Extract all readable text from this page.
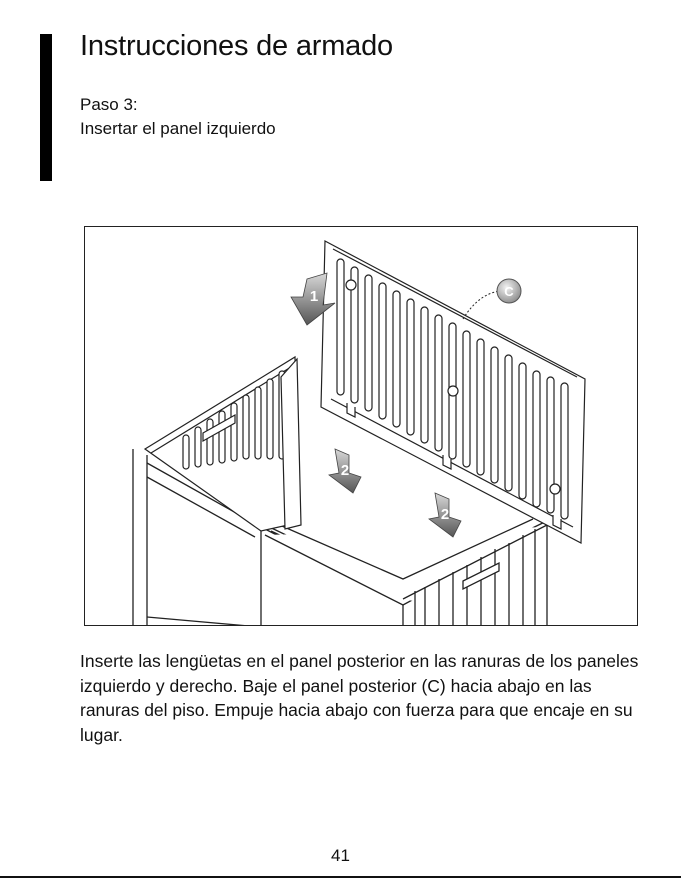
Instrucciones de armado
Paso 3:
Insertar el panel izquierdo
C
1
2
2

Inserte las lengüetas en el panel posterior en las ranuras de los paneles izquierdo y derecho. Baje el panel posterior (C) hacia abajo en las ranuras del piso. Empuje hacia abajo con fuerza para que encaje en su lugar.

41
